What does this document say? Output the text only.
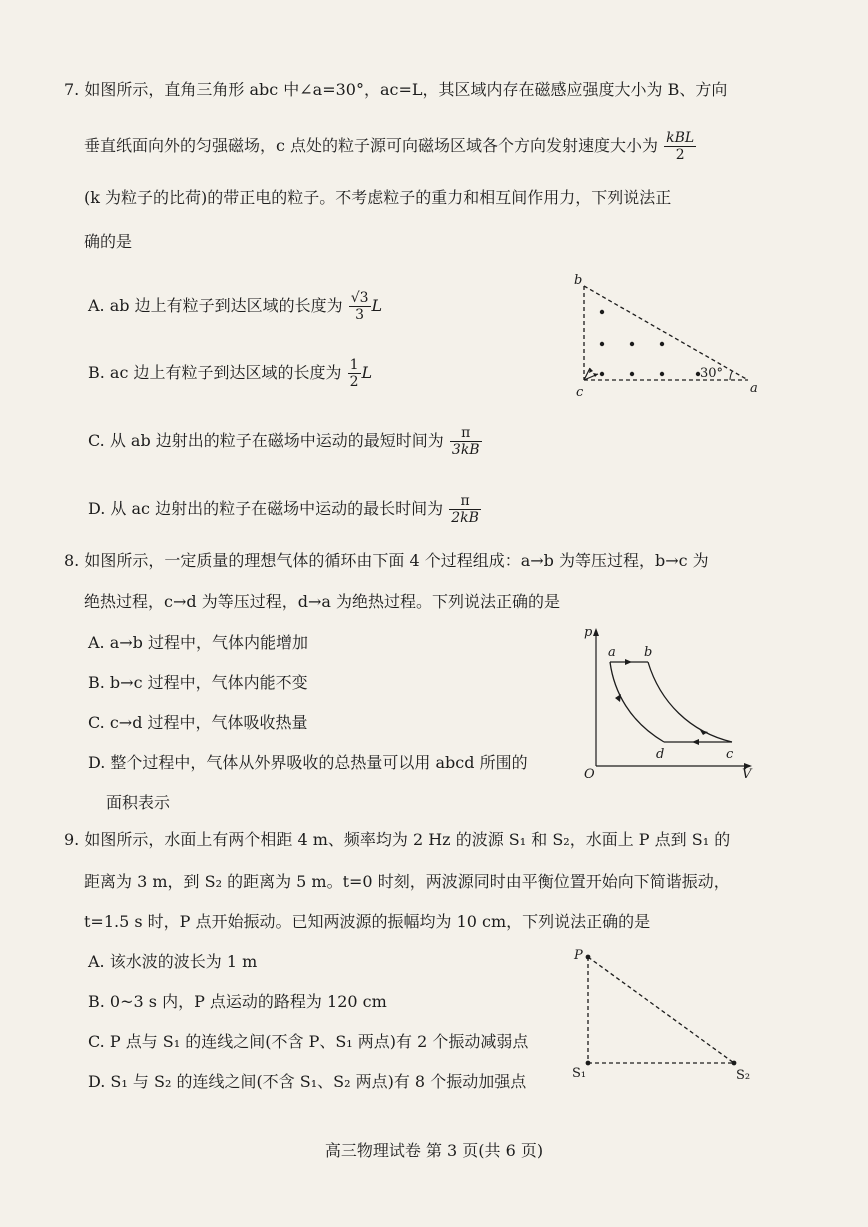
7. 如图所示，直角三角形 abc 中∠a=30°，ac=L，其区域内存在磁感应强度大小为 B、方向
垂直纸面向外的匀强磁场，c 点处的粒子源可向磁场区域各个方向发射速度大小为 $\frac{\text{kBL}}{2}$
(k 为粒子的比荷)的带正电的粒子。不考虑粒子的重力和相互间作用力，下列说法正
确的是
A. ab 边上有粒子到达区域的长度为 $\frac{√3}{3}$ L
B. ac 边上有粒子到达区域的长度为 $\frac{1}{2}$ L
C. 从 ab 边射出的粒子在磁场中运动的最短时间为 $\frac{\pi}{3kB}$
D. 从 ac 边射出的粒子在磁场中运动的最长时间为 $\frac{\pi}{2kB}$
30°
b
c	a
8. 如图所示，一定质量的理想气体的循环由下面 4 个过程组成：a→b 为等压过程，b→c 为
绝热过程，c→d 为等压过程，d→a 为绝热过程。下列说法正确的是
A. a→b 过程中，气体内能增加
B. b→c 过程中，气体内能不变
C. c→d 过程中，气体吸收热量
D. 整个过程中，气体从外界吸收的总热量可以用 abcd 所围的
面积表示
p
V
O
a b
c
d
9. 如图所示，水面上有两个相距 4 m、频率均为 2 Hz 的波源 S₁ 和 S₂，水面上 P 点到 S₁ 的
距离为 3 m，到 S₂ 的距离为 5 m。t=0 时刻，两波源同时由平衡位置开始向下简谐振动，
t=1.5 s 时，P 点开始振动。已知两波源的振幅均为 10 cm，下列说法正确的是
A. 该水波的波长为 1 m
B. 0~3 s 内，P 点运动的路程为 120 cm
C. P 点与 S₁ 的连线之间(不含 P、S₁ 两点)有 2 个振动减弱点
D. S₁ 与 S₂ 的连线之间(不含 S₁、S₂ 两点)有 8 个振动加强点
P
S₁	S₂
高三物理试卷 第 3 页(共 6 页)
